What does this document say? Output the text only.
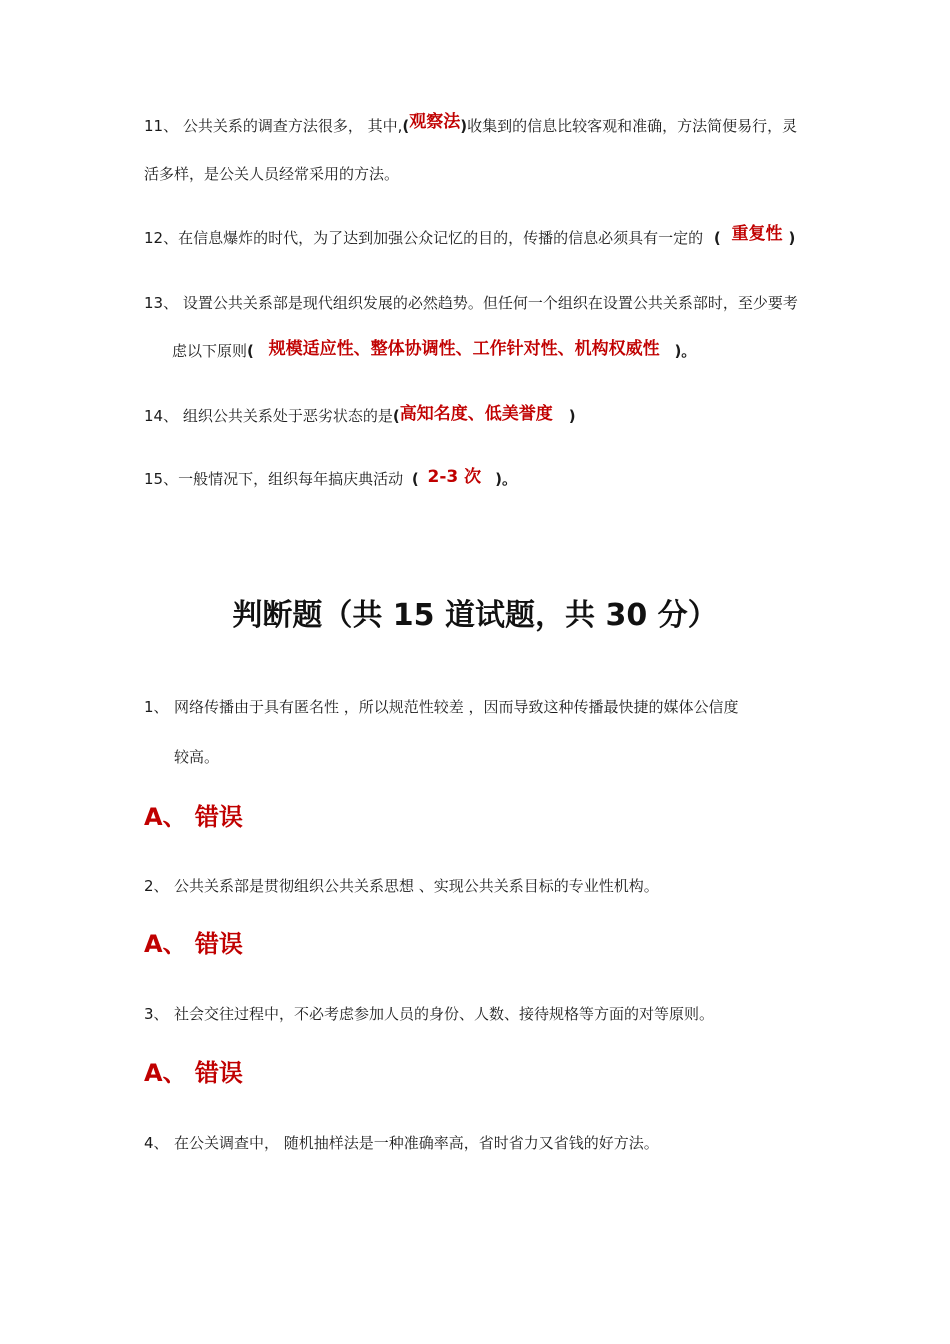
11、 公共关系的调查方法很多， 其中,(观察法)收集到的信息比较客观和准确，方法简便易行，灵
活多样，是公关人员经常采用的方法。
12、在信息爆炸的时代，为了达到加强公众记忆的目的，传播的信息必须具有一定的 ( 重复性 )
13、 设置公共关系部是现代组织发展的必然趋势。但任何一个组织在设置公共关系部时，至少要考
虑以下原则( 规模适应性、整体协调性、工作针对性、机构权威性 )。
14、 组织公共关系处于恶劣状态的是(高知名度、低美誉度 )
15、一般情况下，组织每年搞庆典活动 ( 2-3 次 )。
判断题（共 15 道试题，共 30 分）
1、 网络传播由于具有匿名性 ，所以规范性较差 ，因而导致这种传播最快捷的媒体公信度
较高。
A、 错误
2、 公共关系部是贯彻组织公共关系思想 、实现公共关系目标的专业性机构。
A、 错误
3、 社会交往过程中，不必考虑参加人员的身份、人数、接待规格等方面的对等原则。
A、 错误
4、 在公关调查中， 随机抽样法是一种准确率高，省时省力又省钱的好方法。
